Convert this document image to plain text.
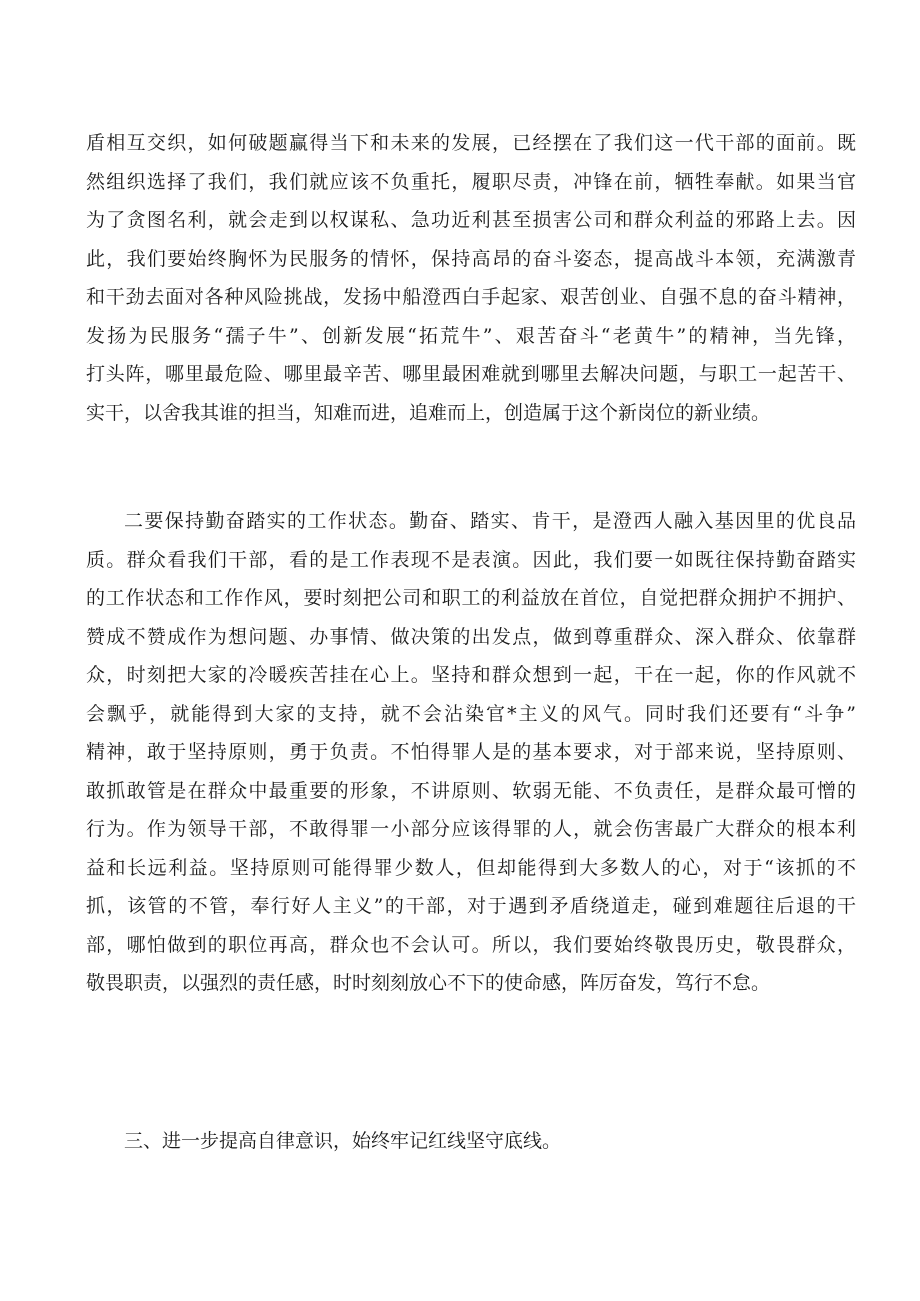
盾相互交织，如何破题赢得当下和未来的发展，已经摆在了我们这一代干部的面前。既
然组织选择了我们，我们就应该不负重托，履职尽责，冲锋在前，牺牲奉献。如果当官
为了贪图名利，就会走到以权谋私、急功近利甚至损害公司和群众利益的邪路上去。因
此，我们要始终胸怀为民服务的情怀，保持高昂的奋斗姿态，提高战斗本领，充满激青
和干劲去面对各种风险挑战，发扬中船澄西白手起家、艰苦创业、自强不息的奋斗精神，
发扬为民服务“孺子牛”、创新发展“拓荒牛”、艰苦奋斗“老黄牛”的精神，当先锋，
打头阵，哪里最危险、哪里最辛苦、哪里最困难就到哪里去解决问题，与职工一起苦干、
实干，以舍我其谁的担当，知难而进，追难而上，创造属于这个新岗位的新业绩。
二要保持勤奋踏实的工作状态。勤奋、踏实、肯干，是澄西人融入基因里的优良品
质。群众看我们干部，看的是工作表现不是表演。因此，我们要一如既往保持勤奋踏实
的工作状态和工作作风，要时刻把公司和职工的利益放在首位，自觉把群众拥护不拥护、
赞成不赞成作为想问题、办事情、做决策的出发点，做到尊重群众、深入群众、依靠群
众，时刻把大家的冷暖疾苦挂在心上。坚持和群众想到一起，干在一起，你的作风就不
会飘乎，就能得到大家的支持，就不会沾染官*主义的风气。同时我们还要有“斗争”
精神，敢于坚持原则，勇于负责。不怕得罪人是的基本要求，对于部来说，坚持原则、
敢抓敢管是在群众中最重要的形象，不讲原则、软弱无能、不负责任，是群众最可憎的
行为。作为领导干部，不敢得罪一小部分应该得罪的人，就会伤害最广大群众的根本利
益和长远利益。坚持原则可能得罪少数人，但却能得到大多数人的心，对于“该抓的不
抓，该管的不管，奉行好人主义”的干部，对于遇到矛盾绕道走，碰到难题往后退的干
部，哪怕做到的职位再高，群众也不会认可。所以，我们要始终敬畏历史，敬畏群众，
敬畏职责，以强烈的责任感，时时刻刻放心不下的使命感，阵厉奋发，笃行不怠。
三、进一步提高自律意识，始终牢记红线坚守底线。
